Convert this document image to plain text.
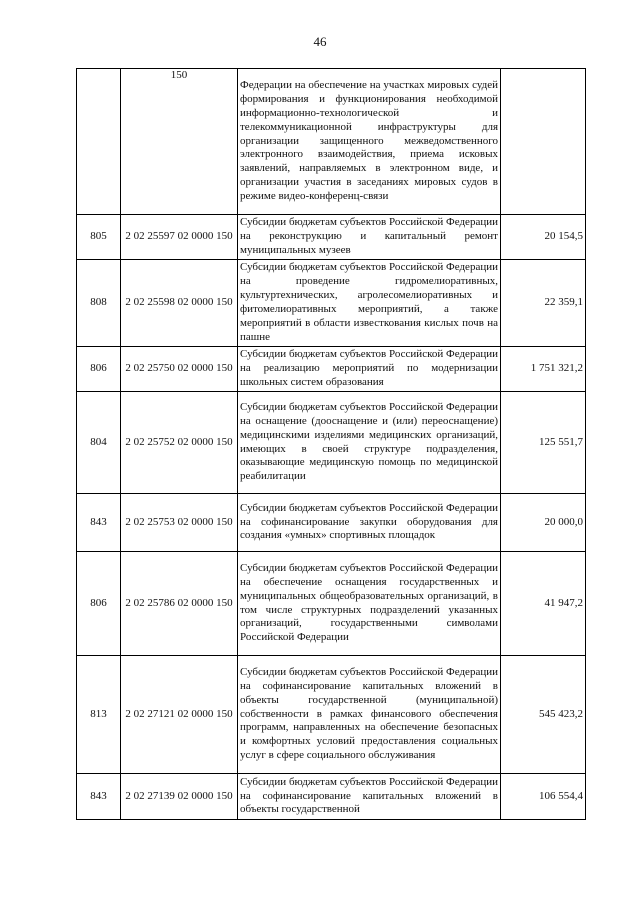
46
	150	Федерации на обеспечение на участках мировых судей формирования и функционирования необходимой информационно-технологической и телекоммуникационной инфраструктуры для организации защищенного межведомственного электронного взаимодействия, приема исковых заявлений, направляемых в электронном виде, и организации участия в заседаниях мировых судов в режиме видео-конференц-связи	
805	2 02 25597 02 0000 150	Субсидии бюджетам субъектов Российской Федерации на реконструкцию и капитальный ремонт муниципальных музеев	20 154,5
808	2 02 25598 02 0000 150	Субсидии бюджетам субъектов Российской Федерации на проведение гидромелиоративных, культуртехнических, агролесомелиоративных и фитомелиоративных мероприятий, а также мероприятий в области известкования кислых почв на пашне	22 359,1
806	2 02 25750 02 0000 150	Субсидии бюджетам субъектов Российской Федерации на реализацию мероприятий по модернизации школьных систем образования	1 751 321,2
804	2 02 25752 02 0000 150	Субсидии бюджетам субъектов Российской Федерации на оснащение (дооснащение и (или) переоснащение) медицинскими изделиями медицинских организаций, имеющих в своей структуре подразделения, оказывающие медицинскую помощь по медицинской реабилитации	125 551,7
843	2 02 25753 02 0000 150	Субсидии бюджетам субъектов Российской Федерации на софинансирование закупки оборудования для создания «умных» спортивных площадок	20 000,0
806	2 02 25786 02 0000 150	Субсидии бюджетам субъектов Российской Федерации на обеспечение оснащения государственных и муниципальных общеобразовательных организаций, в том числе структурных подразделений указанных организаций, государственными символами Российской Федерации	41 947,2
813	2 02 27121 02 0000 150	Субсидии бюджетам субъектов Российской Федерации на софинансирование капитальных вложений в объекты государственной (муниципальной) собственности в рамках финансового обеспечения программ, направленных на обеспечение безопасных и комфортных условий предоставления социальных услуг в сфере социального обслуживания	545 423,2
843	2 02 27139 02 0000 150	Субсидии бюджетам субъектов Российской Федерации на софинансирование капитальных вложений в объекты государственной	106 554,4
